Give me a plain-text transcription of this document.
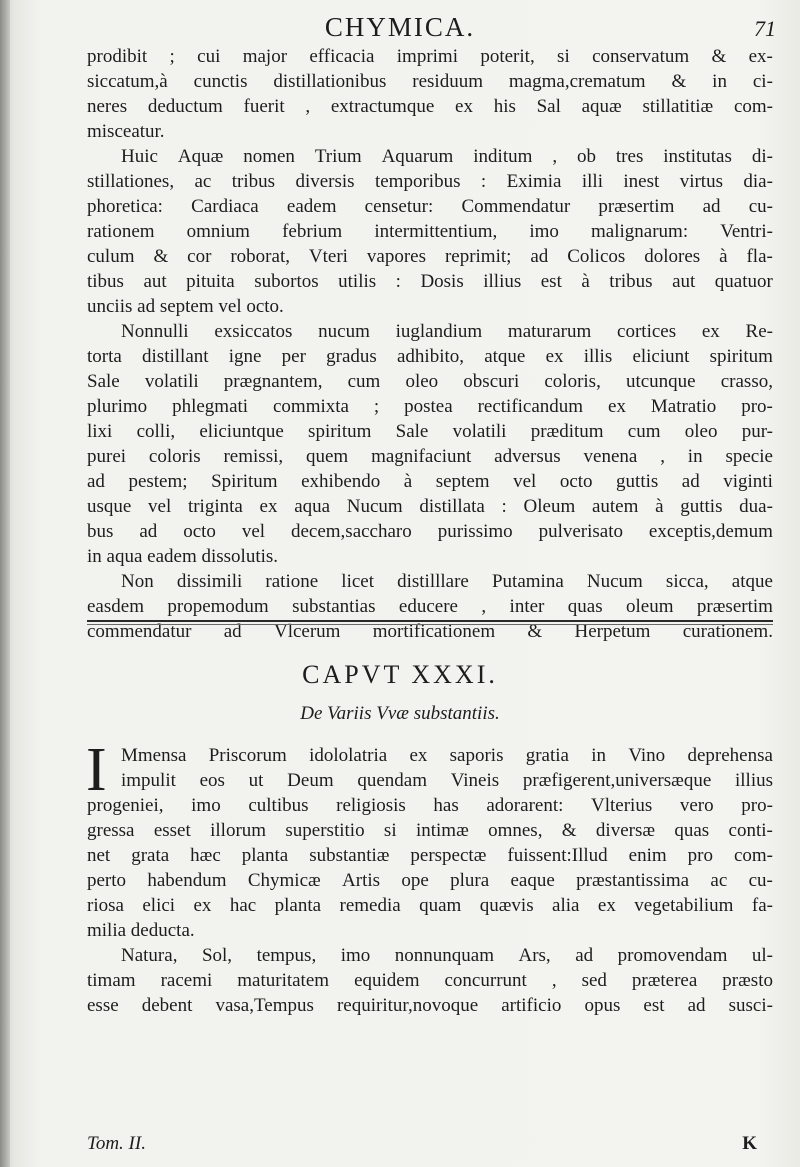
CHYMICA.	71
prodibit ; cui major efficacia imprimi poterit, si conservatum & ex-
siccatum,à cunctis distillationibus residuum magma,crematum & in ci-
neres deductum fuerit , extractumque ex his Sal aquæ stillatitiæ com-
misceatur.
Huic Aquæ nomen Trium Aquarum inditum , ob tres institutas di-
stillationes, ac tribus diversis temporibus : Eximia illi inest virtus dia-
phoretica: Cardiaca eadem censetur: Commendatur præsertim ad cu-
rationem omnium febrium intermittentium, imo malignarum: Ventri-
culum & cor roborat, Vteri vapores reprimit; ad Colicos dolores à fla-
tibus aut pituita subortos utilis : Dosis illius est à tribus aut quatuor
unciis ad septem vel octo.
Nonnulli exsiccatos nucum iuglandium maturarum cortices ex Re-
torta distillant igne per gradus adhibito, atque ex illis eliciunt spiritum
Sale volatili prægnantem, cum oleo obscuri coloris, utcunque crasso,
plurimo phlegmati commixta ; postea rectificandum ex Matratio pro-
lixi colli, eliciuntque spiritum Sale volatili præditum cum oleo pur-
purei coloris remissi, quem magnifaciunt adversus venena , in specie
ad pestem; Spiritum exhibendo à septem vel octo guttis ad viginti
usque vel triginta ex aqua Nucum distillata : Oleum autem à guttis dua-
bus ad octo vel decem,saccharo purissimo pulverisato exceptis,demum
in aqua eadem dissolutis.
Non dissimili ratione licet distilllare Putamina Nucum sicca, atque
easdem propemodum substantias educere , inter quas oleum præsertim
commendatur ad Vlcerum mortificationem & Herpetum curationem.
CAPVT XXXI.
De Variis Vvæ substantiis.
I Mmensa Priscorum idololatria ex saporis gratia in Vino deprehensa
impulit eos ut Deum quendam Vineis præfigerent,universæque illius
progeniei, imo cultibus religiosis has adorarent: Vlterius vero pro-
gressa esset illorum superstitio si intimæ omnes, & diversæ quas conti-
net grata hæc planta substantiæ perspectæ fuissent:Illud enim pro com-
perto habendum Chymicæ Artis ope plura eaque præstantissima ac cu-
riosa elici ex hac planta remedia quam quævis alia ex vegetabilium fa-
milia deducta.
Natura, Sol, tempus, imo nonnunquam Ars, ad promovendam ul-
timam racemi maturitatem equidem concurrunt , sed præterea præsto
esse debent vasa,Tempus requiritur,novoque artificio opus est ad susci-
Tom. II.	K
